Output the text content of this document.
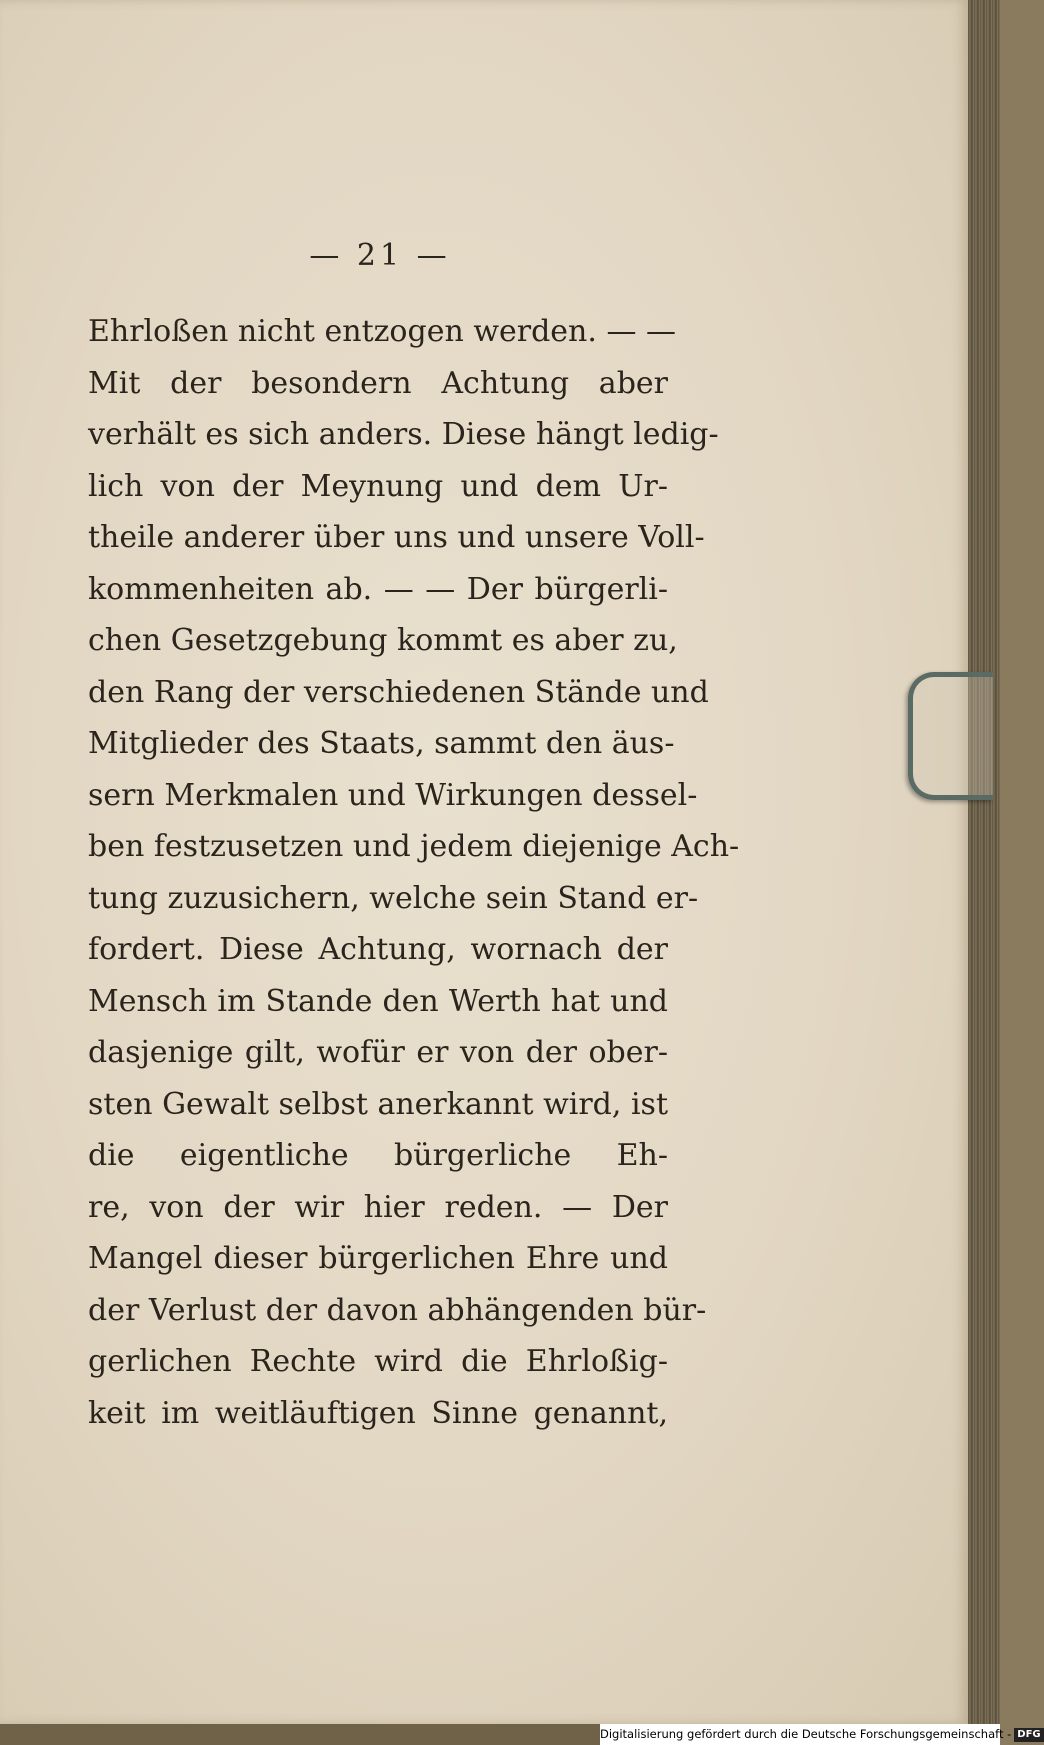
— 21 —
Ehrloßen nicht entzogen werden. — —
Mit der besondern Achtung aber
verhält es sich anders. Diese hängt ledig-
lich von der Meynung und dem Ur-
theile anderer über uns und unsere Voll-
kommenheiten ab. — — Der bürgerli-
chen Gesetzgebung kommt es aber zu,
den Rang der verschiedenen Stände und
Mitglieder des Staats, sammt den äus-
sern Merkmalen und Wirkungen dessel-
ben festzusetzen und jedem diejenige Ach-
tung zuzusichern, welche sein Stand er-
fordert. Diese Achtung, wornach der
Mensch im Stande den Werth hat und
dasjenige gilt, wofür er von der ober-
sten Gewalt selbst anerkannt wird, ist
die eigentliche bürgerliche Eh-
re, von der wir hier reden. — Der
Mangel dieser bürgerlichen Ehre und
der Verlust der davon abhängenden bür-
gerlichen Rechte wird die Ehrloßig-
keit im weitläuftigen Sinne genannt,
Digitalisierung gefördert durch die Deutsche Forschungsgemeinschaft - DFG
